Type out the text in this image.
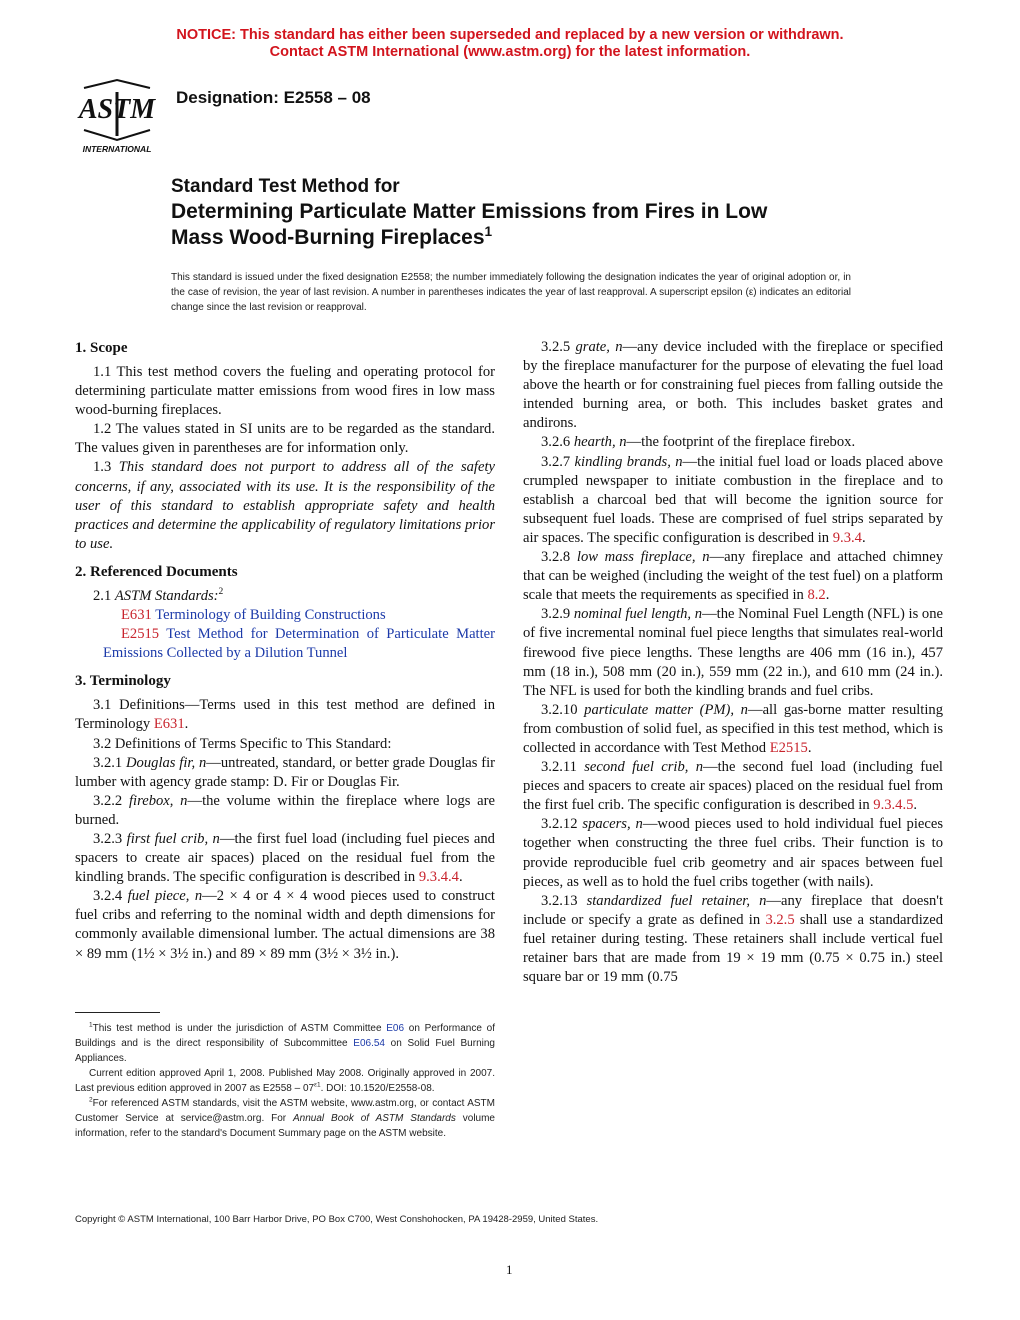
NOTICE: This standard has either been superseded and replaced by a new version or withdrawn.
Contact ASTM International (www.astm.org) for the latest information.
ASTM
INTERNATIONAL
Designation: E2558 – 08
Standard Test Method for
Determining Particulate Matter Emissions from Fires in Low
Mass Wood-Burning Fireplaces$^1$
This standard is issued under the fixed designation E2558; the number immediately following the designation indicates the year of original adoption or, in the case of revision, the year of last revision. A number in parentheses indicates the year of last reapproval. A superscript epsilon (ε) indicates an editorial change since the last revision or reapproval.
1. Scope

1.1 This test method covers the fueling and operating protocol for determining particulate matter emissions from wood fires in low mass wood-burning fireplaces.

1.2 The values stated in SI units are to be regarded as the standard. The values given in parentheses are for information only.

1.3 This standard does not purport to address all of the safety concerns, if any, associated with its use. It is the responsibility of the user of this standard to establish appropriate safety and health practices and determine the applicability of regulatory limitations prior to use.

2. Referenced Documents

2.1 ASTM Standards:$^2$

E631 Terminology of Building Constructions

E2515 Test Method for Determination of Particulate Matter Emissions Collected by a Dilution Tunnel

3. Terminology

3.1 Definitions—Terms used in this test method are defined in Terminology E631.

3.2 Definitions of Terms Specific to This Standard:

3.2.1 Douglas fir, n—untreated, standard, or better grade Douglas fir lumber with agency grade stamp: D. Fir or Douglas Fir.

3.2.2 firebox, n—the volume within the fireplace where logs are burned.

3.2.3 first fuel crib, n—the first fuel load (including fuel pieces and spacers to create air spaces) placed on the residual fuel from the kindling brands. The specific configuration is described in 9.3.4.4.

3.2.4 fuel piece, n—2 × 4 or 4 × 4 wood pieces used to construct fuel cribs and referring to the nominal width and depth dimensions for commonly available dimensional lumber. The actual dimensions are 38 × 89 mm (1½ × 3½ in.) and 89 × 89 mm (3½ × 3½ in.).

$^1$This test method is under the jurisdiction of ASTM Committee E06 on Performance of Buildings and is the direct responsibility of Subcommittee E06.54 on Solid Fuel Burning Appliances.

Current edition approved April 1, 2008. Published May 2008. Originally approved in 2007. Last previous edition approved in 2007 as $E2558 - 07^{\varepsilon 1}$. DOI: 10.1520/E2558-08.

$^2$For referenced ASTM standards, visit the ASTM website, www.astm.org, or contact ASTM Customer Service at service@astm.org. For Annual Book of ASTM Standards volume information, refer to the standard's Document Summary page on the ASTM website.

3.2.5 grate, n—any device included with the fireplace or specified by the fireplace manufacturer for the purpose of elevating the fuel load above the hearth or for constraining fuel pieces from falling outside the intended burning area, or both. This includes basket grates and andirons.

3.2.6 hearth, n—the footprint of the fireplace firebox.

3.2.7 kindling brands, n—the initial fuel load or loads placed above crumpled newspaper to initiate combustion in the fireplace and to establish a charcoal bed that will become the ignition source for subsequent fuel loads. These are comprised of fuel strips separated by air spaces. The specific configuration is described in 9.3.4.

3.2.8 low mass fireplace, n—any fireplace and attached chimney that can be weighed (including the weight of the test fuel) on a platform scale that meets the requirements as specified in 8.2.

3.2.9 nominal fuel length, n—the Nominal Fuel Length (NFL) is one of five incremental nominal fuel piece lengths that simulates real-world firewood five piece lengths. These lengths are 406 mm (16 in.), 457 mm (18 in.), 508 mm (20 in.), 559 mm (22 in.), and 610 mm (24 in.). The NFL is used for both the kindling brands and fuel cribs.

3.2.10 particulate matter (PM), n—all gas-borne matter resulting from combustion of solid fuel, as specified in this test method, which is collected in accordance with Test Method E2515.

3.2.11 second fuel crib, n—the second fuel load (including fuel pieces and spacers to create air spaces) placed on the residual fuel from the first fuel crib. The specific configuration is described in 9.3.4.5.

3.2.12 spacers, n—wood pieces used to hold individual fuel pieces together when constructing the three fuel cribs. Their function is to provide reproducible fuel crib geometry and air spaces between fuel pieces, as well as to hold the fuel cribs together (with nails).

3.2.13 standardized fuel retainer, n—any fireplace that doesn't include or specify a grate as defined in 3.2.5 shall use a standardized fuel retainer during testing. These retainers shall include vertical fuel retainer bars that are made from 19 × 19 mm (0.75 × 0.75 in.) steel square bar or 19 mm (0.75

Copyright © ASTM International, 100 Barr Harbor Drive, PO Box C700, West Conshohocken, PA 19428-2959, United States.
1
